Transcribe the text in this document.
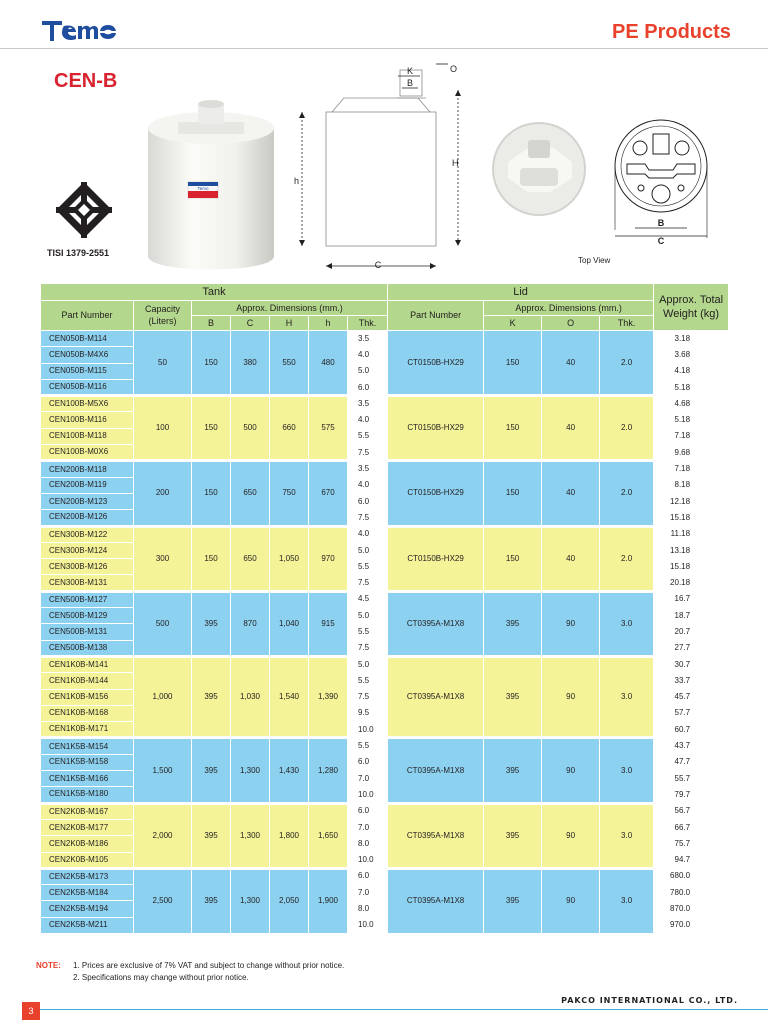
PE Products
CEN-B
TISI 1379-2551
Temo
K
B
O
h
H
C
B
C
Top View
Tank							Lid				Approx. Total Weight (kg)
Part Number	Capacity (Liters)	Approx. Dimensions (mm.)					Part Number	Approx. Dimensions (mm.)			
		B	C	H	h	Thk.		K	O	Thk.	
CEN050B-M114	50	150	380	550	480	3.5	CT0150B-HX29	150	40	2.0	3.18
CEN050B-M4X6						4.0					3.68
CEN050B-M115						5.0					4.18
CEN050B-M116						6.0					5.18
CEN100B-M5X6	100	150	500	660	575	3.5	CT0150B-HX29	150	40	2.0	4.68
CEN100B-M116						4.0					5.18
CEN100B-M118						5.5					7.18
CEN100B-M0X6						7.5					9.68
CEN200B-M118	200	150	650	750	670	3.5	CT0150B-HX29	150	40	2.0	7.18
CEN200B-M119						4.0					8.18
CEN200B-M123						6.0					12.18
CEN200B-M126						7.5					15.18
CEN300B-M122	300	150	650	1,050	970	4.0	CT0150B-HX29	150	40	2.0	11.18
CEN300B-M124						5.0					13.18
CEN300B-M126						5.5					15.18
CEN300B-M131						7.5					20.18
CEN500B-M127	500	395	870	1,040	915	4.5	CT0395A-M1X8	395	90	3.0	16.7
CEN500B-M129						5.0					18.7
CEN500B-M131						5.5					20.7
CEN500B-M138						7.5					27.7
CEN1K0B-M141	1,000	395	1,030	1,540	1,390	5.0	CT0395A-M1X8	395	90	3.0	30.7
CEN1K0B-M144						5.5					33.7
CEN1K0B-M156						7.5					45.7
CEN1K0B-M168						9.5					57.7
CEN1K0B-M171						10.0					60.7
CEN1K5B-M154	1,500	395	1,300	1,430	1,280	5.5	CT0395A-M1X8	395	90	3.0	43.7
CEN1K5B-M158						6.0					47.7
CEN1K5B-M166						7.0					55.7
CEN1K5B-M180						10.0					79.7
CEN2K0B-M167	2,000	395	1,300	1,800	1,650	6.0	CT0395A-M1X8	395	90	3.0	56.7
CEN2K0B-M177						7.0					66.7
CEN2K0B-M186						8.0					75.7
CEN2K0B-M105						10.0					94.7
CEN2K5B-M173	2,500	395	1,300	2,050	1,900	6.0	CT0395A-M1X8	395	90	3.0	680.0
CEN2K5B-M184						7.0					780.0
CEN2K5B-M194						8.0					870.0
CEN2K5B-M211						10.0					970.0
NOTE: 1. Prices are exclusive of 7% VAT and subject to change without prior notice.
2. Specifications may change without prior notice.
3
PAKCO INTERNATIONAL CO., LTD.
